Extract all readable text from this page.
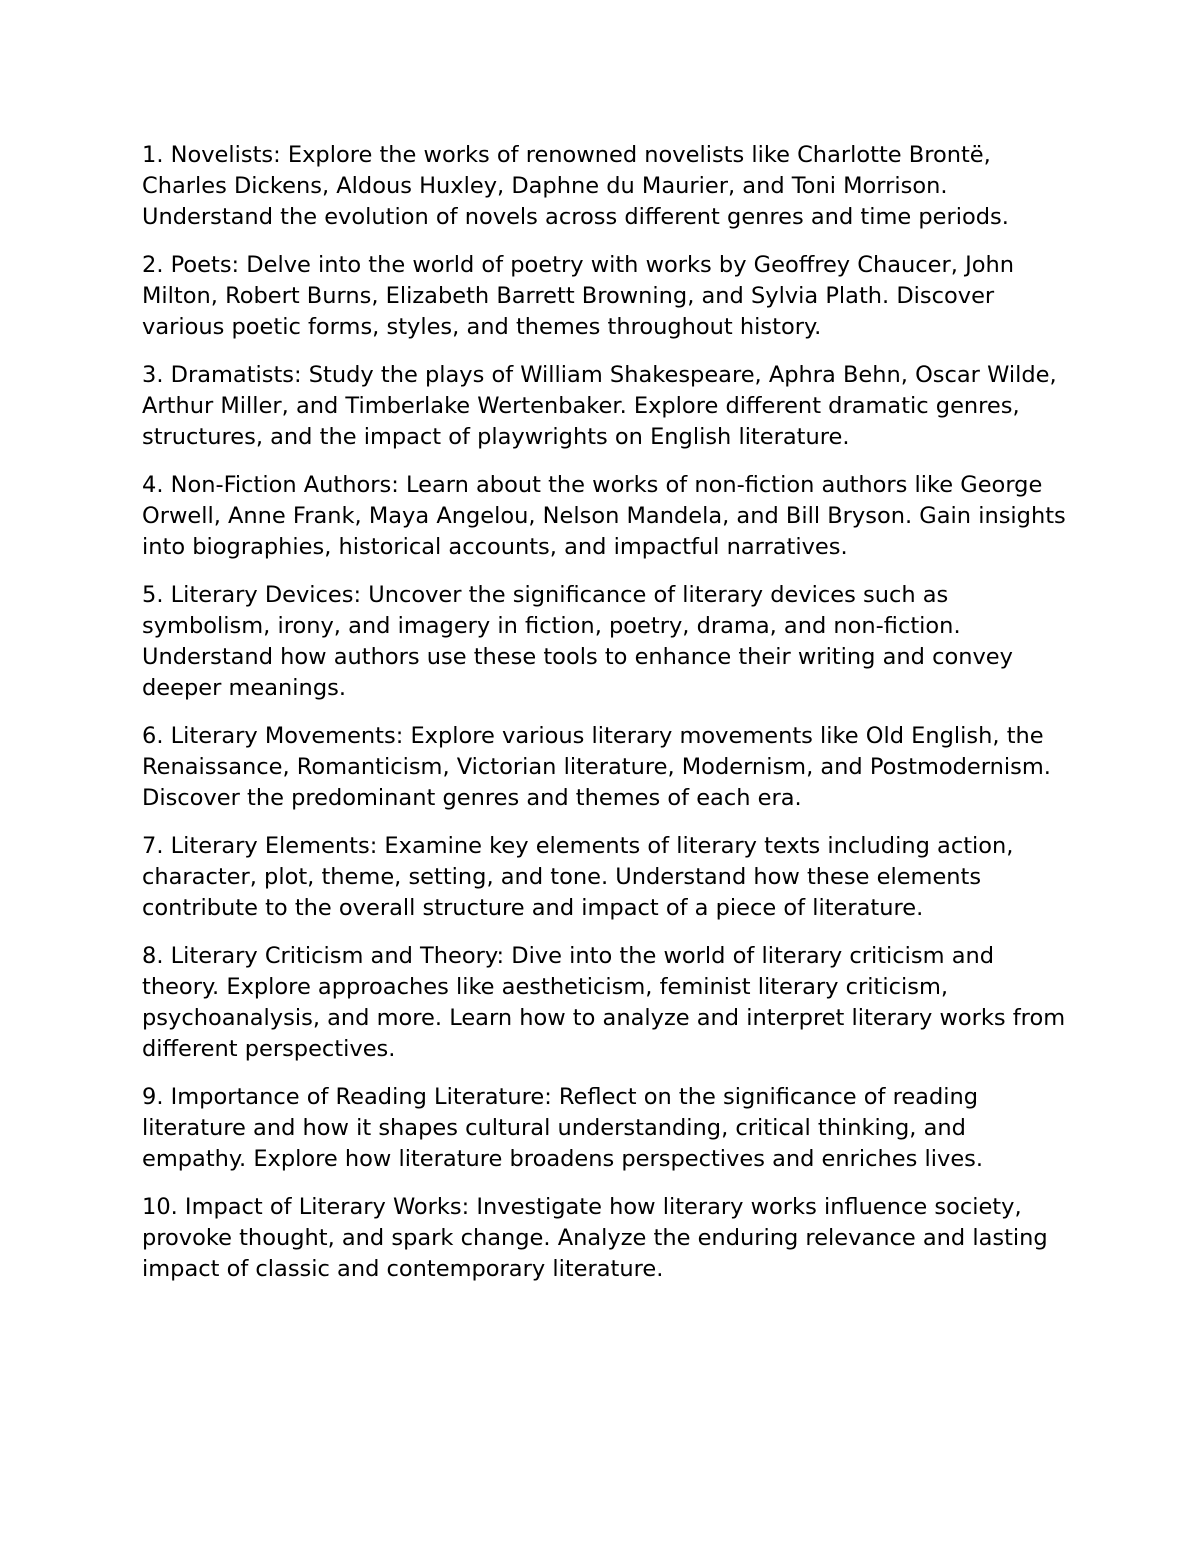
1. Novelists: Explore the works of renowned novelists like Charlotte Brontë, Charles Dickens, Aldous Huxley, Daphne du Maurier, and Toni Morrison. Understand the evolution of novels across different genres and time periods.

2. Poets: Delve into the world of poetry with works by Geoffrey Chaucer, John Milton, Robert Burns, Elizabeth Barrett Browning, and Sylvia Plath. Discover various poetic forms, styles, and themes throughout history.

3. Dramatists: Study the plays of William Shakespeare, Aphra Behn, Oscar Wilde, Arthur Miller, and Timberlake Wertenbaker. Explore different dramatic genres, structures, and the impact of playwrights on English literature.

4. Non-Fiction Authors: Learn about the works of non-fiction authors like George Orwell, Anne Frank, Maya Angelou, Nelson Mandela, and Bill Bryson. Gain insights into biographies, historical accounts, and impactful narratives.

5. Literary Devices: Uncover the significance of literary devices such as symbolism, irony, and imagery in fiction, poetry, drama, and non-fiction. Understand how authors use these tools to enhance their writing and convey deeper meanings.

6. Literary Movements: Explore various literary movements like Old English, the Renaissance, Romanticism, Victorian literature, Modernism, and Postmodernism. Discover the predominant genres and themes of each era.

7. Literary Elements: Examine key elements of literary texts including action, character, plot, theme, setting, and tone. Understand how these elements contribute to the overall structure and impact of a piece of literature.

8. Literary Criticism and Theory: Dive into the world of literary criticism and theory. Explore approaches like aestheticism, feminist literary criticism, psychoanalysis, and more. Learn how to analyze and interpret literary works from different perspectives.

9. Importance of Reading Literature: Reflect on the significance of reading literature and how it shapes cultural understanding, critical thinking, and empathy. Explore how literature broadens perspectives and enriches lives.

10. Impact of Literary Works: Investigate how literary works influence society, provoke thought, and spark change. Analyze the enduring relevance and lasting impact of classic and contemporary literature.
